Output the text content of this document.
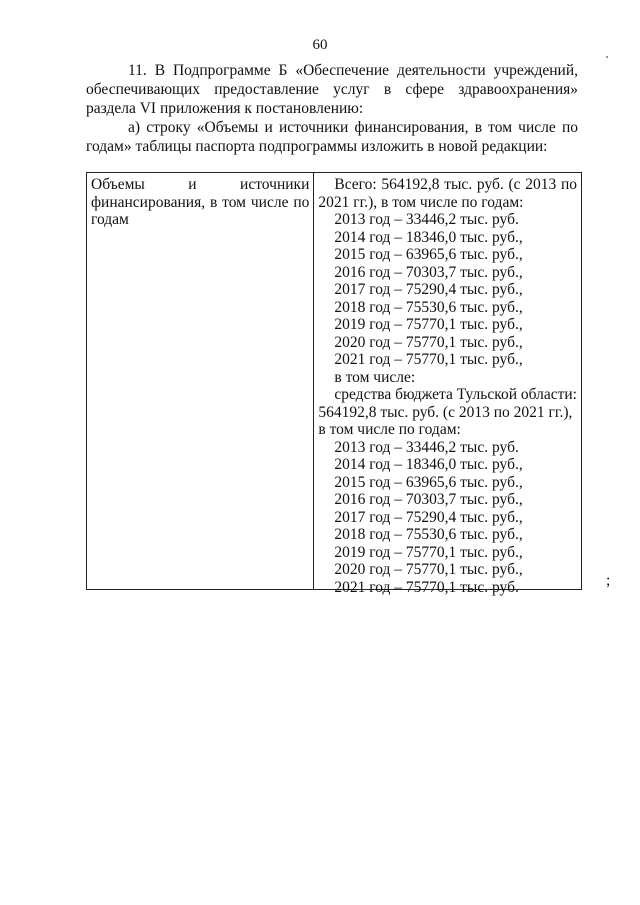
60
11. В Подпрограмме Б «Обеспечение деятельности учреждений, обеспечивающих предоставление услуг в сфере здравоохранения» раздела VI приложения к постановлению:
а) строку «Объемы и источники финансирования, в том числе по годам» таблицы паспорта подпрограммы изложить в новой редакции:
Объемы и источники
финансирования, в том числе по
годам
Всего: 564192,8 тыс. руб. (с 2013 по
2021 гг.), в том числе по годам:
2013 год – 33446,2 тыс. руб.
2014 год – 18346,0 тыс. руб.,
2015 год – 63965,6 тыс. руб.,
2016 год – 70303,7 тыс. руб.,
2017 год – 75290,4 тыс. руб.,
2018 год – 75530,6 тыс. руб.,
2019 год – 75770,1 тыс. руб.,
2020 год – 75770,1 тыс. руб.,
2021 год – 75770,1 тыс. руб.,
в том числе:
средства бюджета Тульской области:
564192,8 тыс. руб. (с 2013 по 2021 гг.),
в том числе по годам:
2013 год – 33446,2 тыс. руб.
2014 год – 18346,0 тыс. руб.,
2015 год – 63965,6 тыс. руб.,
2016 год – 70303,7 тыс. руб.,
2017 год – 75290,4 тыс. руб.,
2018 год – 75530,6 тыс. руб.,
2019 год – 75770,1 тыс. руб.,
2020 год – 75770,1 тыс. руб.,
2021 год – 75770,1 тыс. руб.	;
